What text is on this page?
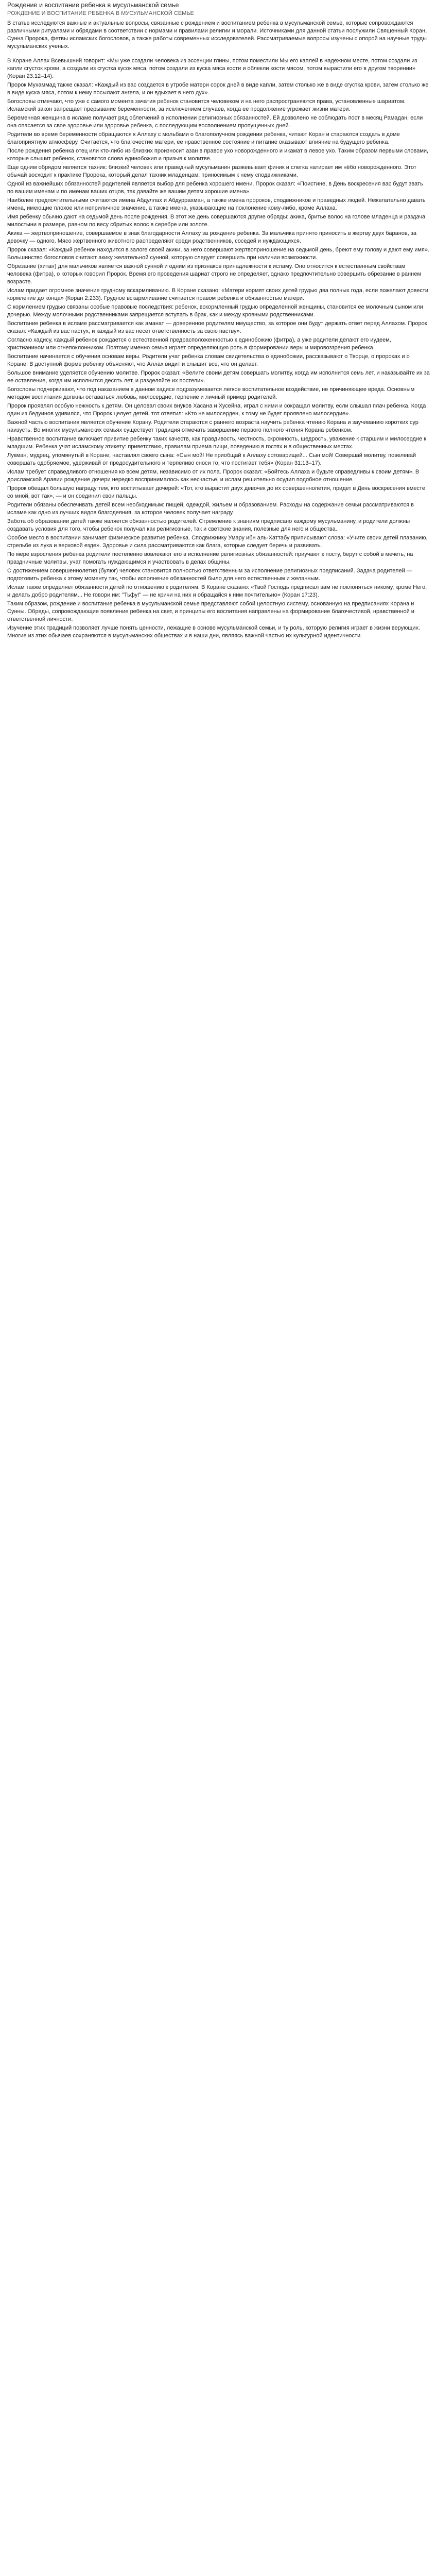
Рождение и воспитание ребенка в мусульманской семье
РОЖДЕНИЕ И ВОСПИТАНИЕ РЕБЕНКА В МУСУЛЬМАНСКОЙ СЕМЬЕ

В статье исследуются важные и актуальные вопросы, связанные с рождением и воспитанием ребенка в мусульманской семье, которые сопровождаются различными ритуалами и обрядами в соответствии с нормами и правилами религии и морали. Источниками для данной статьи послужили Священный Коран, Сунна Пророка, фетвы исламских богословов, а также работы современных исследователей. Рассматриваемые вопросы изучены с опорой на научные труды мусульманских ученых.

В Коране Аллах Всевышний говорит: «Мы уже создали человека из эссенции глины, потом поместили Мы его каплей в надежном месте, потом создали из капли сгусток крови, а создали из сгустка кусок мяса, потом создали из куска мяса кости и облекли кости мясом, потом вырастили его в другом творении» (Коран 23:12–14).

Пророк Мухаммад также сказал: «Каждый из вас создается в утробе матери сорок дней в виде капли, затем столько же в виде сгустка крови, затем столько же в виде куска мяса, потом к нему посылают ангела, и он вдыхает в него дух».

Богословы отмечают, что уже с самого момента зачатия ребенок становится человеком и на него распространяются права, установленные шариатом. Исламский закон запрещает прерывание беременности, за исключением случаев, когда ее продолжение угрожает жизни матери.

Беременная женщина в исламе получает ряд облегчений в исполнении религиозных обязанностей. Ей дозволено не соблюдать пост в месяц Рамадан, если она опасается за свое здоровье или здоровье ребенка, с последующим восполнением пропущенных дней.

Родители во время беременности обращаются к Аллаху с мольбами о благополучном рождении ребенка, читают Коран и стараются создать в доме благоприятную атмосферу. Считается, что благочестие матери, ее нравственное состояние и питание оказывают влияние на будущего ребенка.

После рождения ребенка отец или кто-либо из близких произносит азан в правое ухо новорожденного и икамат в левое ухо. Таким образом первыми словами, которые слышит ребенок, становятся слова единобожия и призыв к молитве.

Еще одним обрядом является тахник: близкий человек или праведный мусульманин разжевывает финик и слегка натирает им нёбо новорожденного. Этот обычай восходит к практике Пророка, который делал тахник младенцам, приносимым к нему сподвижниками.

Одной из важнейших обязанностей родителей является выбор для ребенка хорошего имени. Пророк сказал: «Поистине, в День воскресения вас будут звать по вашим именам и по именам ваших отцов, так давайте же вашим детям хорошие имена».

Наиболее предпочтительными считаются имена Абдуллах и Абдуррахман, а также имена пророков, сподвижников и праведных людей. Нежелательно давать имена, имеющие плохое или неприличное значение, а также имена, указывающие на поклонение кому-либо, кроме Аллаха.

Имя ребенку обычно дают на седьмой день после рождения. В этот же день совершаются другие обряды: акика, бритье волос на голове младенца и раздача милостыни в размере, равном по весу сбритых волос в серебре или золоте.

Акика — жертвоприношение, совершаемое в знак благодарности Аллаху за рождение ребенка. За мальчика принято приносить в жертву двух баранов, за девочку — одного. Мясо жертвенного животного распределяют среди родственников, соседей и нуждающихся.

Пророк сказал: «Каждый ребенок находится в залоге своей акики, за него совершают жертвоприношение на седьмой день, бреют ему голову и дают ему имя». Большинство богословов считают акику желательной сунной, которую следует совершить при наличии возможности.

Обрезание (хитан) для мальчиков является важной сунной и одним из признаков принадлежности к исламу. Оно относится к естественным свойствам человека (фитра), о которых говорил Пророк. Время его проведения шариат строго не определяет, однако предпочтительно совершить обрезание в раннем возрасте.

Ислам придает огромное значение грудному вскармливанию. В Коране сказано: «Матери кормят своих детей грудью два полных года, если пожелают довести кормление до конца» (Коран 2:233). Грудное вскармливание считается правом ребенка и обязанностью матери.

С кормлением грудью связаны особые правовые последствия: ребенок, вскормленный грудью определенной женщины, становится ее молочным сыном или дочерью. Между молочными родственниками запрещается вступать в брак, как и между кровными родственниками.

Воспитание ребенка в исламе рассматривается как аманат — доверенное родителям имущество, за которое они будут держать ответ перед Аллахом. Пророк сказал: «Каждый из вас пастух, и каждый из вас несет ответственность за свою паству».

Согласно хадису, каждый ребенок рождается с естественной предрасположенностью к единобожию (фитра), а уже родители делают его иудеем, христианином или огнепоклонником. Поэтому именно семья играет определяющую роль в формировании веры и мировоззрения ребенка.

Воспитание начинается с обучения основам веры. Родители учат ребенка словам свидетельства о единобожии, рассказывают о Творце, о пророках и о Коране. В доступной форме ребенку объясняют, что Аллах видит и слышит все, что он делает.

Большое внимание уделяется обучению молитве. Пророк сказал: «Велите своим детям совершать молитву, когда им исполнится семь лет, и наказывайте их за ее оставление, когда им исполнится десять лет, и разделяйте их постели».

Богословы подчеркивают, что под наказанием в данном хадисе подразумевается легкое воспитательное воздействие, не причиняющее вреда. Основным методом воспитания должны оставаться любовь, милосердие, терпение и личный пример родителей.

Пророк проявлял особую нежность к детям. Он целовал своих внуков Хасана и Хусейна, играл с ними и сокращал молитву, если слышал плач ребенка. Когда один из бедуинов удивился, что Пророк целует детей, тот ответил: «Кто не милосерден, к тому не будет проявлено милосердие».

Важной частью воспитания является обучение Корану. Родители стараются с раннего возраста научить ребенка чтению Корана и заучиванию коротких сур наизусть. Во многих мусульманских семьях существует традиция отмечать завершение первого полного чтения Корана ребенком.

Нравственное воспитание включает привитие ребенку таких качеств, как правдивость, честность, скромность, щедрость, уважение к старшим и милосердие к младшим. Ребенка учат исламскому этикету: приветствию, правилам приема пищи, поведению в гостях и в общественных местах.

Лукман, мудрец, упомянутый в Коране, наставлял своего сына: «Сын мой! Не приобщай к Аллаху сотоварищей... Сын мой! Совершай молитву, повелевай совершать одобряемое, удерживай от предосудительного и терпеливо сноси то, что постигает тебя» (Коран 31:13–17).

Ислам требует справедливого отношения ко всем детям, независимо от их пола. Пророк сказал: «Бойтесь Аллаха и будьте справедливы к своим детям». В доисламской Аравии рождение дочери нередко воспринималось как несчастье, и ислам решительно осудил подобное отношение.

Пророк обещал большую награду тем, кто воспитывает дочерей: «Тот, кто вырастит двух девочек до их совершеннолетия, придет в День воскресения вместе со мной, вот так», — и он соединил свои пальцы.

Родители обязаны обеспечивать детей всем необходимым: пищей, одеждой, жильем и образованием. Расходы на содержание семьи рассматриваются в исламе как одно из лучших видов благодеяния, за которое человек получает награду.

Забота об образовании детей также является обязанностью родителей. Стремление к знаниям предписано каждому мусульманину, и родители должны создавать условия для того, чтобы ребенок получал как религиозные, так и светские знания, полезные для него и общества.

Особое место в воспитании занимает физическое развитие ребенка. Сподвижнику Умару ибн аль-Хаттабу приписывают слова: «Учите своих детей плаванию, стрельбе из лука и верховой езде». Здоровье и сила рассматриваются как блага, которые следует беречь и развивать.

По мере взросления ребенка родители постепенно вовлекают его в исполнение религиозных обязанностей: приучают к посту, берут с собой в мечеть, на праздничные молитвы, учат помогать нуждающимся и участвовать в делах общины.

С достижением совершеннолетия (булюг) человек становится полностью ответственным за исполнение религиозных предписаний. Задача родителей — подготовить ребенка к этому моменту так, чтобы исполнение обязанностей было для него естественным и желанным.

Ислам также определяет обязанности детей по отношению к родителям. В Коране сказано: «Твой Господь предписал вам не поклоняться никому, кроме Него, и делать добро родителям... Не говори им: "Тьфу!" — не кричи на них и обращайся к ним почтительно» (Коран 17:23).

Таким образом, рождение и воспитание ребенка в мусульманской семье представляют собой целостную систему, основанную на предписаниях Корана и Сунны. Обряды, сопровождающие появление ребенка на свет, и принципы его воспитания направлены на формирование благочестивой, нравственной и ответственной личности.

Изучение этих традиций позволяет лучше понять ценности, лежащие в основе мусульманской семьи, и ту роль, которую религия играет в жизни верующих. Многие из этих обычаев сохраняются в мусульманских обществах и в наши дни, являясь важной частью их культурной идентичности.
